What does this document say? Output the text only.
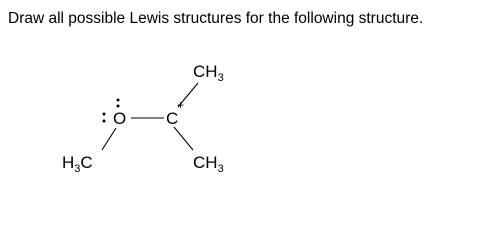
Draw all possible Lewis structures for the following structure.
$CH_3$
O C
+
$H_3C$	$CH_3$
